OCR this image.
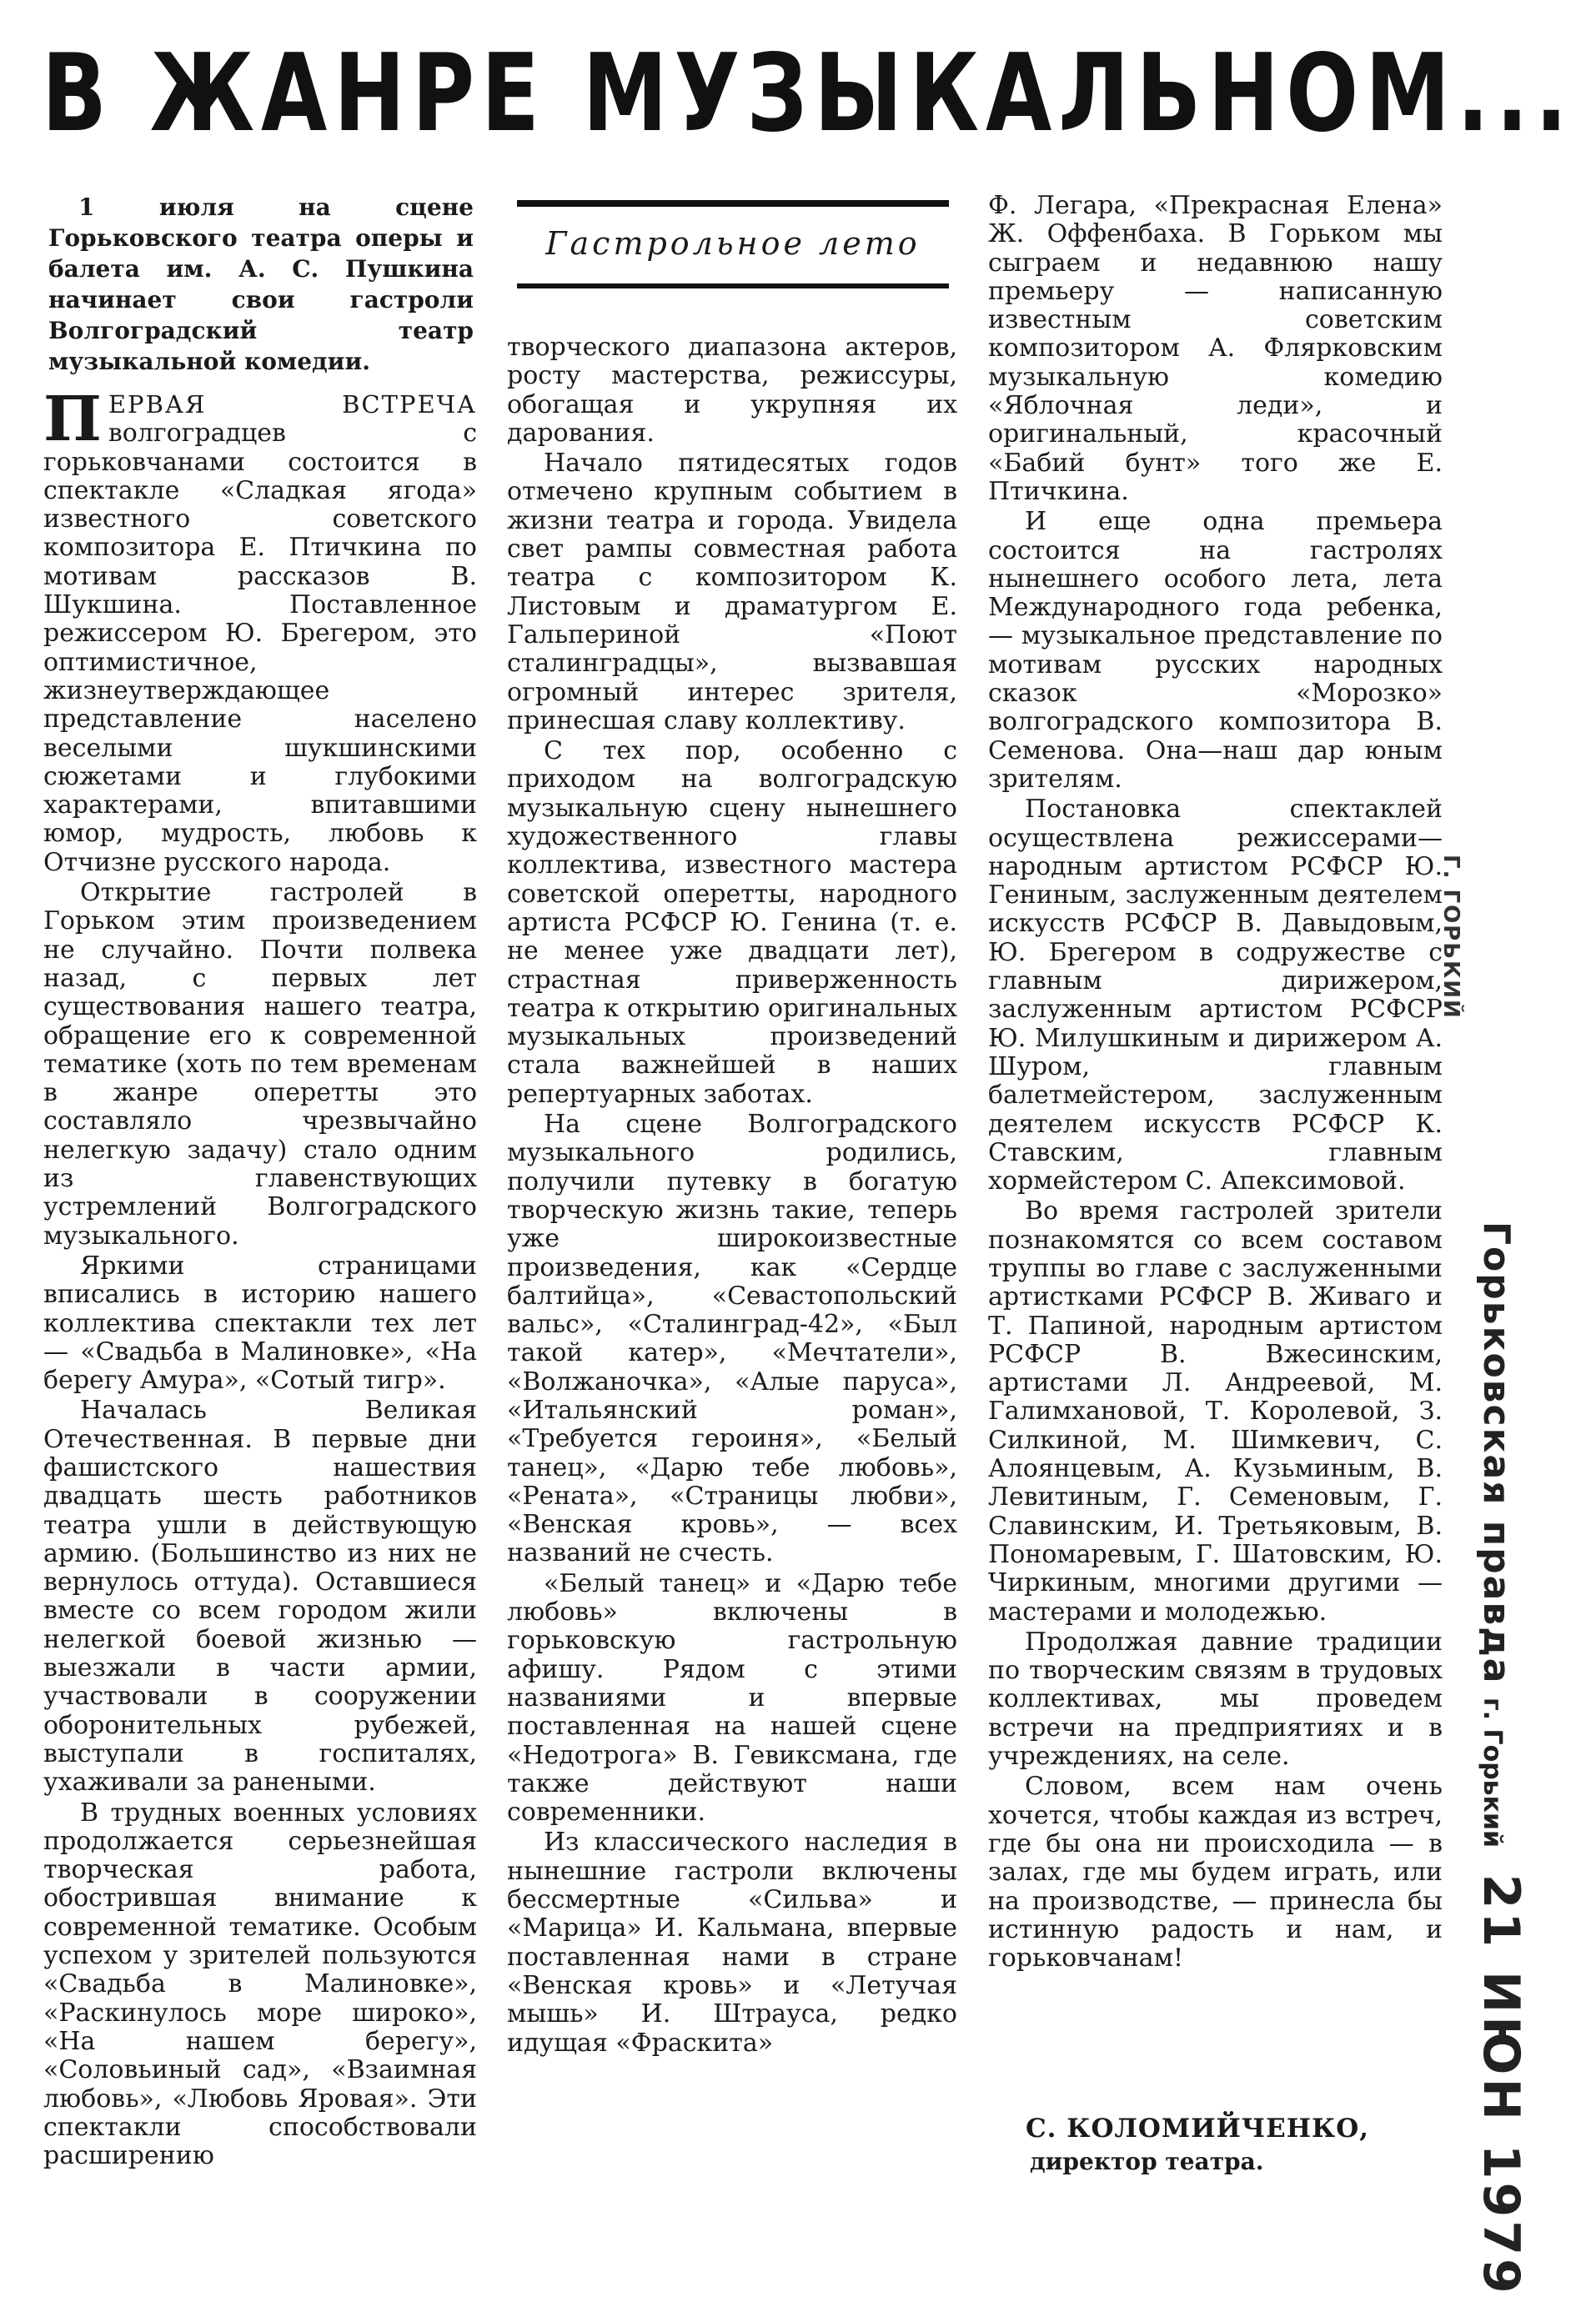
В ЖАНРЕ МУЗЫКАЛЬНОМ...

1 июля на сцене Горьковского театра оперы и балета им. А. С. Пушкина начинает свои гастроли Волгоградский театр музыкальной комедии.

Гастрольное лето

ПЕРВАЯ ВСТРЕЧА волгоградцев с горьковчанами состоится в спектакле «Сладкая ягода» известного советского композитора Е. Птичкина по мотивам рассказов В. Шукшина. Поставленное режиссером Ю. Брегером, это оптимистичное, жизнеутверждающее представление населено веселыми шукшинскими сюжетами и глубокими характерами, впитавшими юмор, мудрость, любовь к Отчизне русского народа.

Открытие гастролей в Горьком этим произведением не случайно. Почти полвека назад, с первых лет существования нашего театра, обращение его к современной тематике (хоть по тем временам в жанре оперетты это составляло чрезвычайно нелегкую задачу) стало одним из главенствующих устремлений Волгоградского музыкального.

Яркими страницами вписались в историю нашего коллектива спектакли тех лет — «Свадьба в Малиновке», «На берегу Амура», «Сотый тигр».

Началась Великая Отечественная. В первые дни фашистского нашествия двадцать шесть работников театра ушли в действующую армию. (Большинство из них не вернулось оттуда). Оставшиеся вместе со всем городом жили нелегкой боевой жизнью — выезжали в части армии, участвовали в сооружении оборонительных рубежей, выступали в госпиталях, ухаживали за ранеными.

В трудных военных условиях продолжается серьезнейшая творческая работа, обострившая внимание к современной тематике. Особым успехом у зрителей пользуются «Свадьба в Малиновке», «Раскинулось море широко», «На нашем берегу», «Соловьиный сад», «Взаимная любовь», «Любовь Яровая». Эти спектакли способствовали расширению

творческого диапазона актеров, росту мастерства, режиссуры, обогащая и укрупняя их дарования.

Начало пятидесятых годов отмечено крупным событием в жизни театра и города. Увидела свет рампы совместная работа театра с композитором К. Листовым и драматургом Е. Гальпериной «Поют сталинградцы», вызвавшая огромный интерес зрителя, принесшая славу коллективу.

С тех пор, особенно с приходом на волгоградскую музыкальную сцену нынешнего художественного главы коллектива, известного мастера советской оперетты, народного артиста РСФСР Ю. Генина (т. е. не менее уже двадцати лет), страстная приверженность театра к открытию оригинальных музыкальных произведений стала важнейшей в наших репертуарных заботах.

На сцене Волгоградского музыкального родились, получили путевку в богатую творческую жизнь такие, теперь уже широкоизвестные произведения, как «Сердце балтийца», «Севастопольский вальс», «Сталинград-42», «Был такой катер», «Мечтатели», «Волжаночка», «Алые паруса», «Итальянский роман», «Требуется героиня», «Белый танец», «Дарю тебе любовь», «Рената», «Страницы любви», «Венская кровь», — всех названий не счесть.

«Белый танец» и «Дарю тебе любовь» включены в горьковскую гастрольную афишу. Рядом с этими названиями и впервые поставленная на нашей сцене «Недотрога» В. Гевиксмана, где также действуют наши современники.

Из классического наследия в нынешние гастроли включены бессмертные «Сильва» и «Марица» И. Кальмана, впервые поставленная нами в стране «Венская кровь» и «Летучая мышь» И. Штрауса, редко идущая «Фраскита»

Ф. Легара, «Прекрасная Елена» Ж. Оффенбаха. В Горьком мы сыграем и недавнюю нашу премьеру — написанную известным советским композитором А. Флярковским музыкальную комедию «Яблочная леди», и оригинальный, красочный «Бабий бунт» того же Е. Птичкина.

И еще одна премьера состоится на гастролях нынешнего особого лета, лета Международного года ребенка, — музыкальное представление по мотивам русских народных сказок «Морозко» волгоградского композитора В. Семенова. Она—наш дар юным зрителям.

Постановка спектаклей осуществлена режиссерами— народным артистом РСФСР Ю. Гениным, заслуженным деятелем искусств РСФСР В. Давыдовым, Ю. Брегером в содружестве с главным дирижером, заслуженным артистом РСФСР Ю. Милушкиным и дирижером А. Шуром, главным балетмейстером, заслуженным деятелем искусств РСФСР К. Ставским, главным хормейстером С. Апексимовой.

Во время гастролей зрители познакомятся со всем составом труппы во главе с заслуженными артистками РСФСР В. Живаго и Т. Папиной, народным артистом РСФСР В. Вжесинским, артистами Л. Андреевой, М. Галимхановой, Т. Королевой, З. Силкиной, М. Шимкевич, С. Алоянцевым, А. Кузьминым, В. Левитиным, Г. Семеновым, Г. Славинским, И. Третьяковым, В. Пономаревым, Г. Шатовским, Ю. Чиркиным, многими другими — мастерами и молодежью.

Продолжая давние традиции по творческим связям в трудовых коллективах, мы проведем встречи на предприятиях и в учреждениях, на селе.

Словом, всем нам очень хочется, чтобы каждая из встреч, где бы она ни происходила — в залах, где мы будем играть, или на производстве, — принесла бы истинную радость и нам, и горьковчанам!

С. КОЛОМИЙЧЕНКО,
директор театра.
Г. ГОРЬКИЙ
Горьковская правда г. Горький 21 ИЮН 1979
